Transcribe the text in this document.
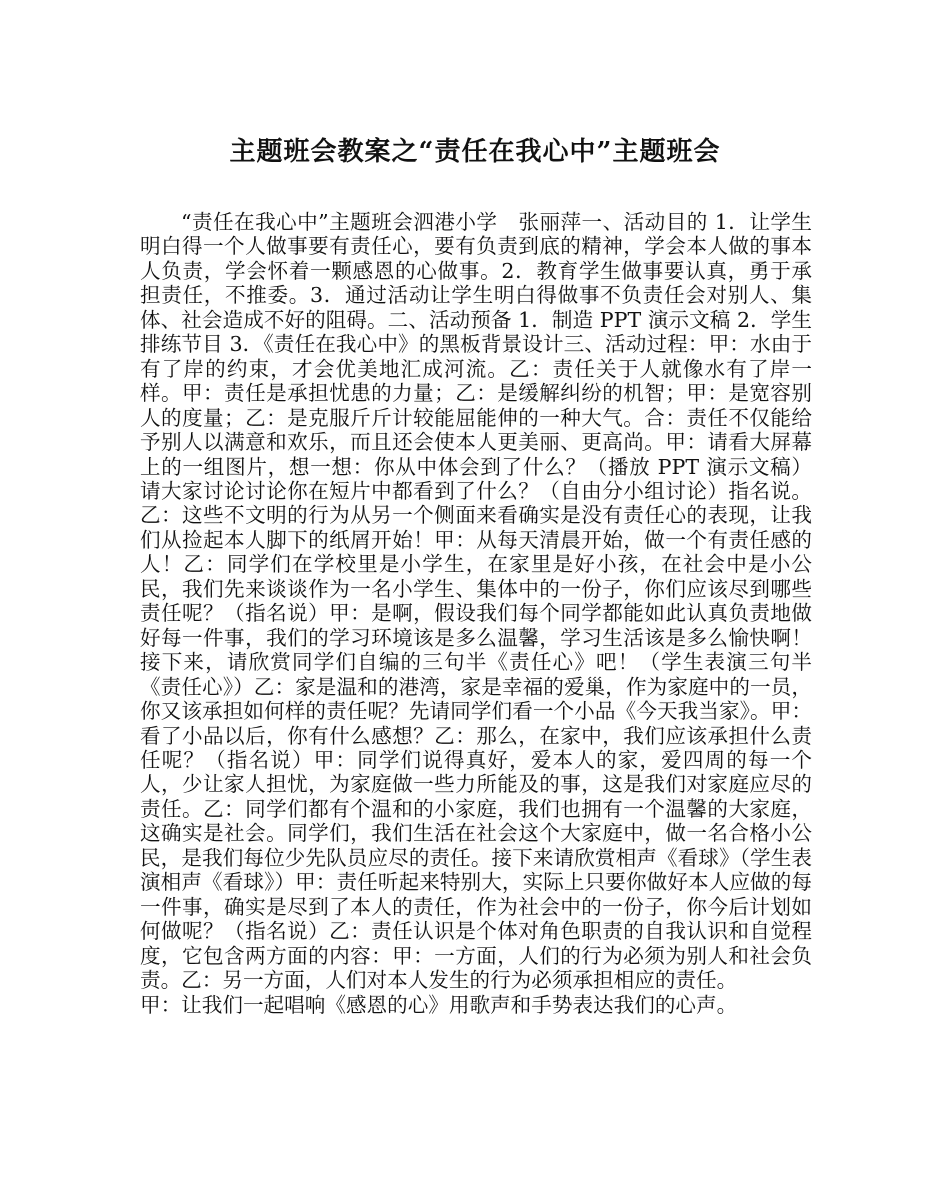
主题班会教案之“责任在我心中”主题班会

“责任在我心中”主题班会泗港小学　张丽萍一、活动目的 1．让学生明白得一个人做事要有责任心，要有负责到底的精神，学会本人做的事本人负责，学会怀着一颗感恩的心做事。2．教育学生做事要认真，勇于承担责任，不推委。3．通过活动让学生明白得做事不负责任会对别人、集体、社会造成不好的阻碍。二、活动预备 1．制造 PPT 演示文稿 2．学生排练节目 3．《责任在我心中》的黑板背景设计三、活动过程：甲：水由于有了岸的约束，才会优美地汇成河流。乙：责任关于人就像水有了岸一样。甲：责任是承担忧患的力量；乙：是缓解纠纷的机智；甲：是宽容别人的度量；乙：是克服斤斤计较能屈能伸的一种大气。合：责任不仅能给予别人以满意和欢乐，而且还会使本人更美丽、更高尚。甲：请看大屏幕上的一组图片，想一想：你从中体会到了什么？（播放 PPT 演示文稿）请大家讨论讨论你在短片中都看到了什么？（自由分小组讨论）指名说。乙：这些不文明的行为从另一个侧面来看确实是没有责任心的表现，让我们从捡起本人脚下的纸屑开始！甲：从每天清晨开始，做一个有责任感的人！乙：同学们在学校里是小学生，在家里是好小孩，在社会中是小公民，我们先来谈谈作为一名小学生、集体中的一份子，你们应该尽到哪些责任呢？（指名说）甲：是啊，假设我们每个同学都能如此认真负责地做好每一件事，我们的学习环境该是多么温馨，学习生活该是多么愉快啊！接下来，请欣赏同学们自编的三句半《责任心》吧！（学生表演三句半《责任心》）乙：家是温和的港湾，家是幸福的爱巢，作为家庭中的一员，你又该承担如何样的责任呢？先请同学们看一个小品《今天我当家》。甲：看了小品以后，你有什么感想？乙：那么，在家中，我们应该承担什么责任呢？（指名说）甲：同学们说得真好，爱本人的家，爱四周的每一个人，少让家人担忧，为家庭做一些力所能及的事，这是我们对家庭应尽的责任。乙：同学们都有个温和的小家庭，我们也拥有一个温馨的大家庭，这确实是社会。同学们，我们生活在社会这个大家庭中，做一名合格小公民，是我们每位少先队员应尽的责任。接下来请欣赏相声《看球》（学生表演相声《看球》）甲：责任听起来特别大，实际上只要你做好本人应做的每一件事，确实是尽到了本人的责任，作为社会中的一份子，你今后计划如何做呢？（指名说）乙：责任认识是个体对角色职责的自我认识和自觉程度，它包含两方面的内容：甲：一方面，人们的行为必须为别人和社会负责。乙：另一方面，人们对本人发生的行为必须承担相应的责任。

甲：让我们一起唱响《感恩的心》用歌声和手势表达我们的心声。
